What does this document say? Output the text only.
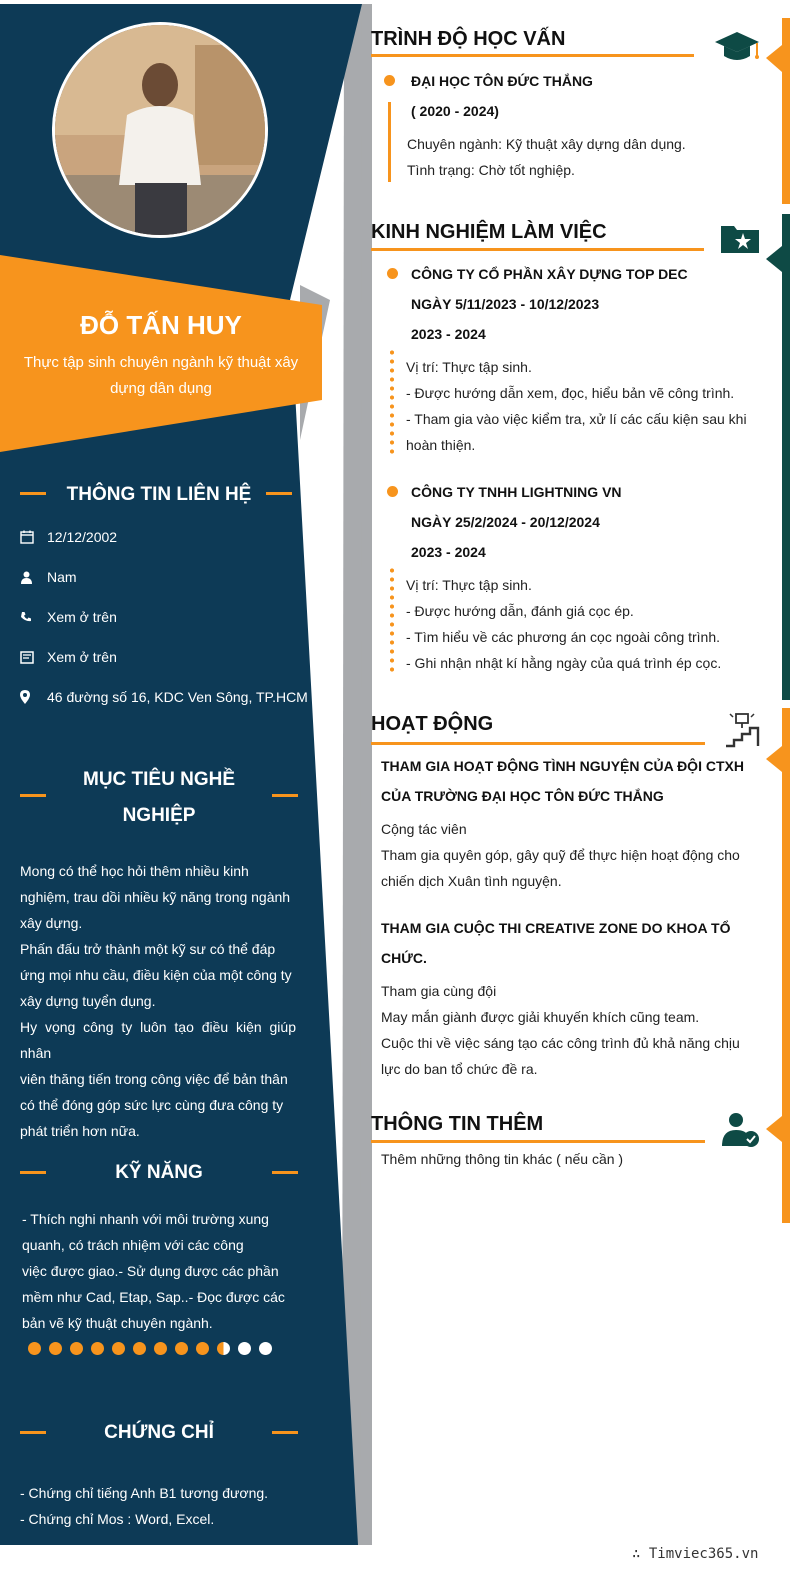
ĐỖ TẤN HUY
Thực tập sinh chuyên ngành kỹ thuật xây dựng dân dụng
THÔNG TIN LIÊN HỆ
12/12/2002
Nam
Xem ở trên
Xem ở trên
46 đường số 16, KDC Ven Sông, TP.HCM
MỤC TIÊU NGHỀ
NGHIỆP
Mong có thể học hỏi thêm nhiều kinh
nghiệm, trau dồi nhiều kỹ năng trong ngành
xây dựng.
Phấn đấu trở thành một kỹ sư có thể đáp
ứng mọi nhu cầu, điều kiện của một công ty
xây dựng tuyển dụng.
Hy vọng công ty luôn tạo điều kiện giúp nhân
viên thăng tiến trong công việc để bản thân
có thể đóng góp sức lực cùng đưa công ty
phát triển hơn nữa.
KỸ NĂNG
- Thích nghi nhanh với môi trường xung
quanh, có trách nhiệm với các công
việc được giao.- Sử dụng được các phần
mềm như Cad, Etap, Sap..- Đọc được các
bản vẽ kỹ thuật chuyên ngành.
CHỨNG CHỈ
- Chứng chỉ tiếng Anh B1 tương đương.
- Chứng chỉ Mos : Word, Excel.
TRÌNH ĐỘ HỌC VẤN
ĐẠI HỌC TÔN ĐỨC THẮNG
( 2020 - 2024)
Chuyên ngành: Kỹ thuật xây dựng dân dụng.
Tình trạng: Chờ tốt nghiệp.
KINH NGHIỆM LÀM VIỆC
CÔNG TY CỔ PHẦN XÂY DỰNG TOP DEC
NGÀY 5/11/2023 - 10/12/2023
2023 - 2024
Vị trí: Thực tập sinh.
- Được hướng dẫn xem, đọc, hiểu bản vẽ công trình.
- Tham gia vào việc kiểm tra, xử lí các cấu kiện sau khi
hoàn thiện.
CÔNG TY TNHH LIGHTNING VN
NGÀY 25/2/2024 - 20/12/2024
2023 - 2024
Vị trí: Thực tập sinh.
- Được hướng dẫn, đánh giá cọc ép.
- Tìm hiểu về các phương án cọc ngoài công trình.
- Ghi nhận nhật kí hằng ngày của quá trình ép cọc.
HOẠT ĐỘNG
THAM GIA HOẠT ĐỘNG TÌNH NGUYỆN CỦA ĐỘI CTXH
CỦA TRƯỜNG ĐẠI HỌC TÔN ĐỨC THẮNG
Cộng tác viên
Tham gia quyên góp, gây quỹ để thực hiện hoạt động cho
chiến dịch Xuân tình nguyện.
THAM GIA CUỘC THI CREATIVE ZONE DO KHOA TỔ
CHỨC.
Tham gia cùng đội
May mắn giành được giải khuyến khích cũng team.
Cuộc thi về việc sáng tạo các công trình đủ khả năng chịu
lực do ban tổ chức đề ra.
THÔNG TIN THÊM
Thêm những thông tin khác ( nếu cần )
∴ Timviec365.vn
